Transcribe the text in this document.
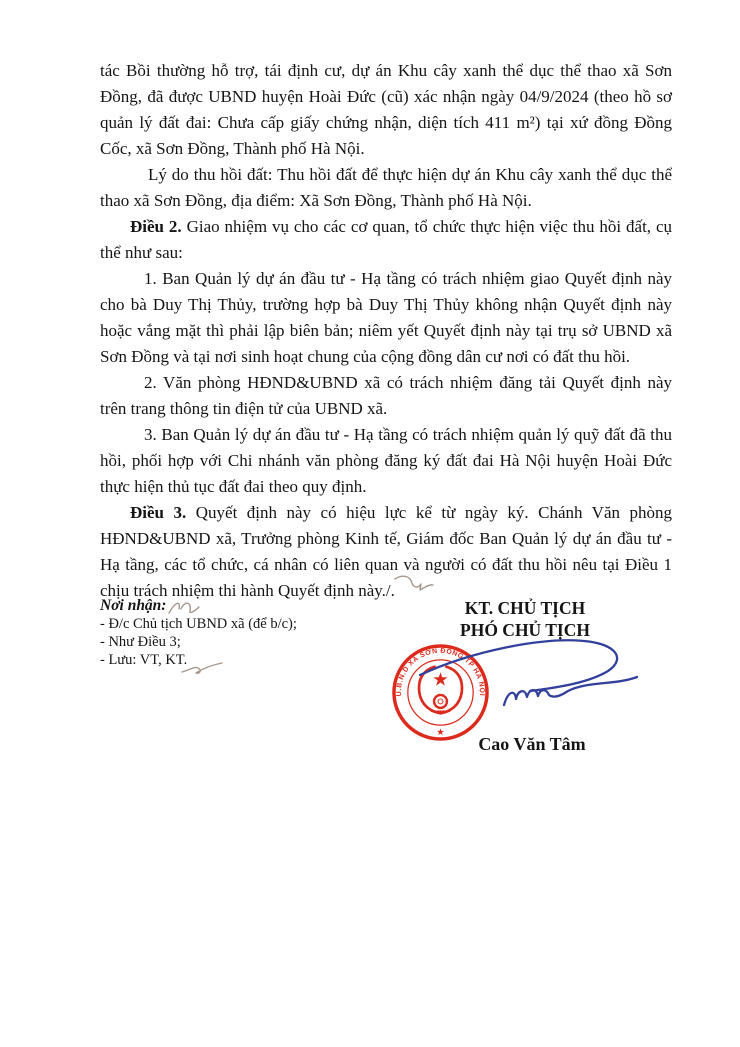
tác Bồi thường hỗ trợ, tái định cư, dự án Khu cây xanh thể dục thể thao xã Sơn Đồng, đã được UBND huyện Hoài Đức (cũ) xác nhận ngày 04/9/2024 (theo hồ sơ quản lý đất đai: Chưa cấp giấy chứng nhận, diện tích 411 m²) tại xứ đồng Đồng Cốc, xã Sơn Đồng, Thành phố Hà Nội.

Lý do thu hồi đất: Thu hồi đất để thực hiện dự án Khu cây xanh thể dục thể thao xã Sơn Đồng, địa điểm: Xã Sơn Đồng, Thành phố Hà Nội.

Điều 2. Giao nhiệm vụ cho các cơ quan, tổ chức thực hiện việc thu hồi đất, cụ thể như sau:

1. Ban Quản lý dự án đầu tư - Hạ tầng có trách nhiệm giao Quyết định này cho bà Duy Thị Thủy, trường hợp bà Duy Thị Thủy không nhận Quyết định này hoặc vắng mặt thì phải lập biên bản; niêm yết Quyết định này tại trụ sở UBND xã Sơn Đồng và tại nơi sinh hoạt chung của cộng đồng dân cư nơi có đất thu hồi.

2. Văn phòng HĐND&UBND xã có trách nhiệm đăng tải Quyết định này trên trang thông tin điện tử của UBND xã.

3. Ban Quản lý dự án đầu tư - Hạ tầng có trách nhiệm quản lý quỹ đất đã thu hồi, phối hợp với Chi nhánh văn phòng đăng ký đất đai Hà Nội huyện Hoài Đức thực hiện thủ tục đất đai theo quy định.

Điều 3. Quyết định này có hiệu lực kể từ ngày ký. Chánh Văn phòng HĐND&UBND xã, Trưởng phòng Kinh tế, Giám đốc Ban Quản lý dự án đầu tư - Hạ tầng, các tổ chức, cá nhân có liên quan và người có đất thu hồi nêu tại Điều 1 chịu trách nhiệm thi hành Quyết định này./.

Nơi nhận:

- Đ/c Chủ tịch UBND xã (để b/c);

- Như Điều 3;

- Lưu: VT, KT.

KT. CHỦ TỊCH
PHÓ CHỦ TỊCH
U.B.N.D XÃ SƠN ĐỒNG TP HÀ NỘI
Cao Văn Tâm
